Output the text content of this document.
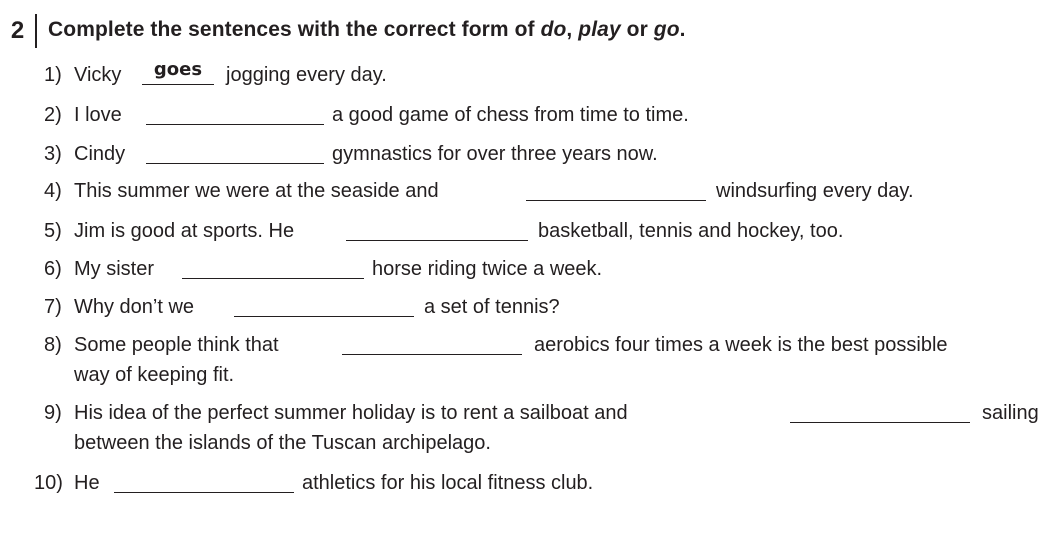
2	Complete the sentences with the correct form of do, play or go.
1) Vicky	goes	jogging every day.
2) I love	a good game of chess from time to time.
3) Cindy	gymnastics for over three years now.
4) This summer we were at the seaside and	windsurfing every day.
5) Jim is good at sports. He	basketball, tennis and hockey, too.
6) My sister	horse riding twice a week.
7) Why don’t we	a set of tennis?
8) Some people think that	aerobics four times a week is the best possible
way of keeping fit.
9) His idea of the perfect summer holiday is to rent a sailboat and	sailing
between the islands of the Tuscan archipelago.
10) He	athletics for his local fitness club.
